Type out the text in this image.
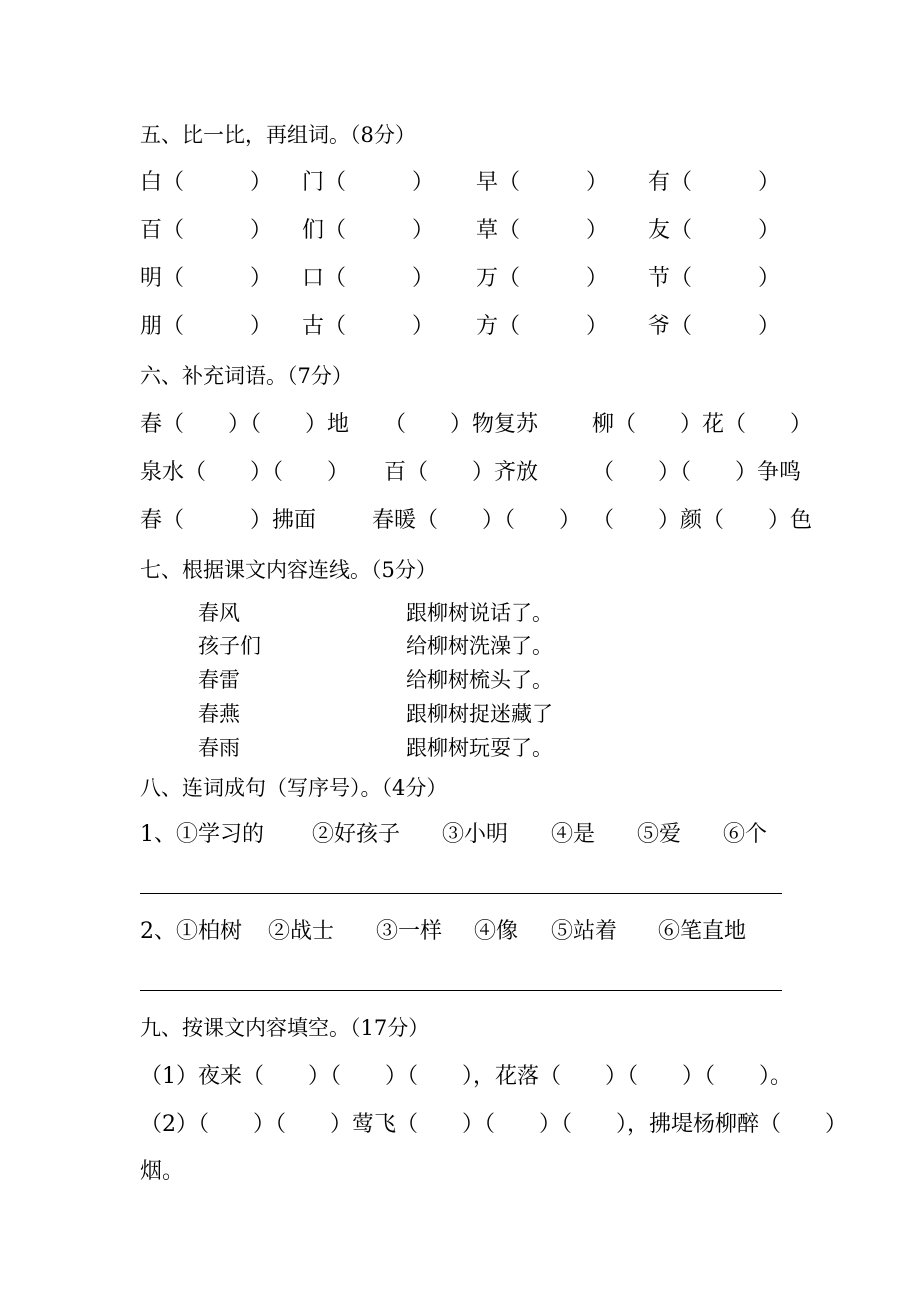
五、比一比，再组词。（8分）
白（　　　） 门（　　　） 早（　　　） 有（　　　）
百（　　　） 们（　　　） 草（　　　） 友（　　　）
明（　　　） 口（　　　） 万（　　　） 节（　　　）
朋（　　　） 古（　　　） 方（　　　） 爷（　　　）
六、补充词语。（7分）
春（　　）（　　）地 （　　）物复苏 柳（　　）花（　　）
泉水（　　）（　　） 百（　　）齐放 （　　）（　　）争鸣
春（　　　）拂面	春暖（　　）（　　） （　　）颜（　　）色
七、根据课文内容连线。（5分）
春风
孩子们
春雷
春燕
春雨
跟柳树说话了。
给柳树洗澡了。
给柳树梳头了。
跟柳树捉迷藏了
跟柳树玩耍了。
八、连词成句（写序号）。（4分）
1、①学习的 ②好孩子 ③小明 ④是 ⑤爱 ⑥个
2、①柏树 ②战士 ③一样 ④像 ⑤站着 ⑥笔直地
九、按课文内容填空。（17分）
（1）夜来（　　）（　　）（　　），花落（　　）（　　）（　　）。
（2）（　　）（　　）莺飞（　　）（　　）（　　），拂堤杨柳醉（　　）
烟。
